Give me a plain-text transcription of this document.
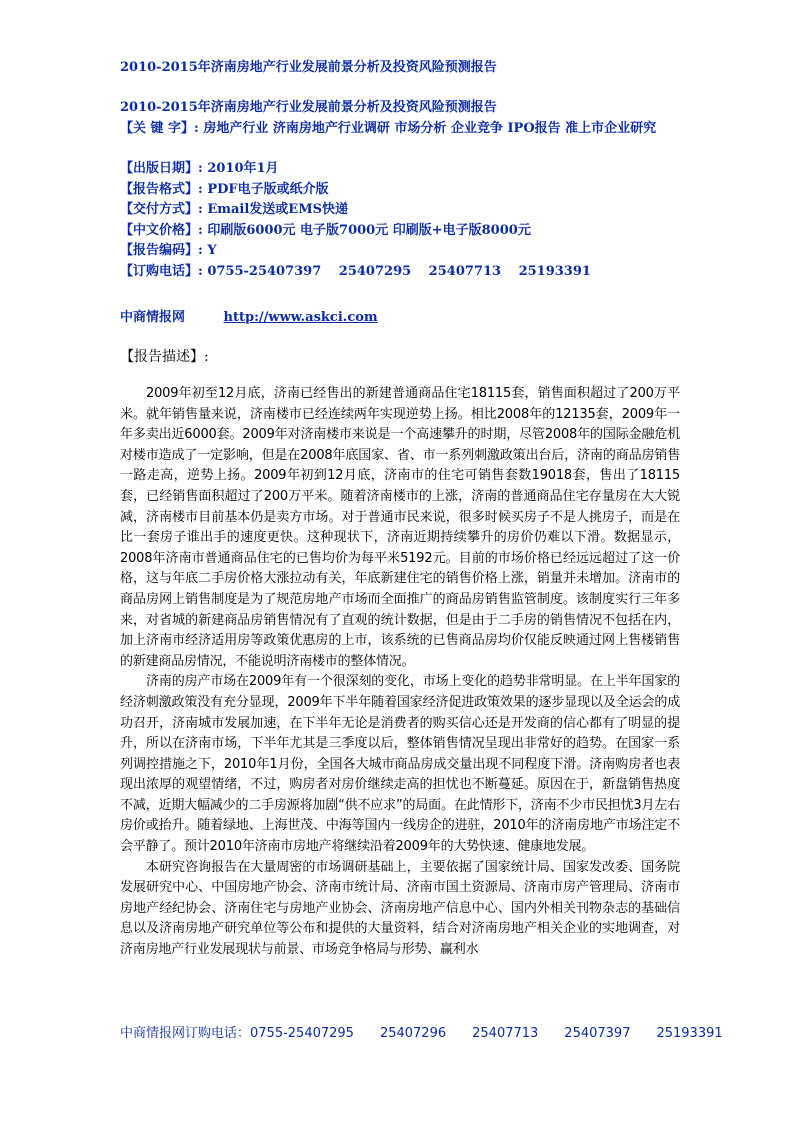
2010-2015年济南房地产行业发展前景分析及投资风险预测报告
2010-2015年济南房地产行业发展前景分析及投资风险预测报告
【关 键 字】: 房地产行业 济南房地产行业调研 市场分析 企业竞争 IPO报告 准上市企业研究
【出版日期】: 2010年1月
【报告格式】: PDF电子版或纸介版
【交付方式】: Email发送或EMS快递
【中文价格】: 印刷版6000元 电子版7000元 印刷版+电子版8000元
【报告编码】: Y
【订购电话】: 0755-25407397　 25407295　 25407713　 25193391
中商情报网	http://www.askci.com
【报告描述】:

2009年初至12月底，济南已经售出的新建普通商品住宅18115套，销售面积超过了200万平米。就年销售量来说，济南楼市已经连续两年实现逆势上扬。相比2008年的12135套，2009年一年多卖出近6000套。2009年对济南楼市来说是一个高速攀升的时期，尽管2008年的国际金融危机对楼市造成了一定影响，但是在2008年底国家、省、市一系列刺激政策出台后，济南的商品房销售一路走高，逆势上扬。2009年初到12月底，济南市的住宅可销售套数19018套，售出了18115套，已经销售面积超过了200万平米。随着济南楼市的上涨，济南的普通商品住宅存量房在大大锐减，济南楼市目前基本仍是卖方市场。对于普通市民来说，很多时候买房子不是人挑房子，而是在比一套房子谁出手的速度更快。这种现状下，济南近期持续攀升的房价仍难以下滑。数据显示，2008年济南市普通商品住宅的已售均价为每平米5192元。目前的市场价格已经远远超过了这一价格，这与年底二手房价格大涨拉动有关，年底新建住宅的销售价格上涨，销量并未增加。济南市的商品房网上销售制度是为了规范房地产市场而全面推广的商品房销售监管制度。该制度实行三年多来，对省城的新建商品房销售情况有了直观的统计数据，但是由于二手房的销售情况不包括在内，加上济南市经济适用房等政策优惠房的上市，该系统的已售商品房均价仅能反映通过网上售楼销售的新建商品房情况，不能说明济南楼市的整体情况。

济南的房产市场在2009年有一个很深刻的变化，市场上变化的趋势非常明显。在上半年国家的经济刺激政策没有充分显现，2009年下半年随着国家经济促进政策效果的逐步显现以及全运会的成功召开，济南城市发展加速，在下半年无论是消费者的购买信心还是开发商的信心都有了明显的提升，所以在济南市场，下半年尤其是三季度以后，整体销售情况呈现出非常好的趋势。在国家一系列调控措施之下，2010年1月份，全国各大城市商品房成交量出现不同程度下滑。济南购房者也表现出浓厚的观望情绪，不过，购房者对房价继续走高的担忧也不断蔓延。原因在于，新盘销售热度不减，近期大幅减少的二手房源将加剧“供不应求”的局面。在此情形下，济南不少市民担忧3月左右房价或抬升。随着绿地、上海世茂、中海等国内一线房企的进驻，2010年的济南房地产市场注定不会平静了。预计2010年济南市房地产将继续沿着2009年的大势快速、健康地发展。

本研究咨询报告在大量周密的市场调研基础上，主要依据了国家统计局、国家发改委、国务院发展研究中心、中国房地产协会、济南市统计局、济南市国土资源局、济南市房产管理局、济南市房地产经纪协会、济南住宅与房地产业协会、济南房地产信息中心、国内外相关刊物杂志的基础信息以及济南房地产研究单位等公布和提供的大量资料，结合对济南房地产相关企业的实地调查，对济南房地产行业发展现状与前景、市场竞争格局与形势、赢利水

中商情报网订购电话：0755-25407295 25407296 25407713 25407397 25193391
